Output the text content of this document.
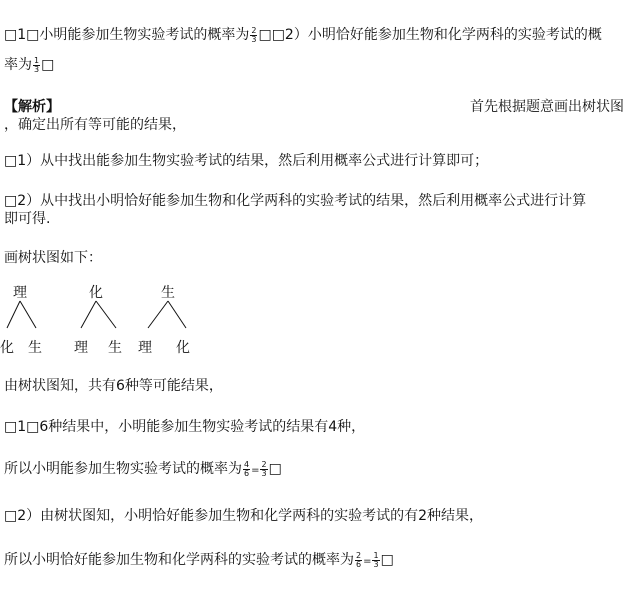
□1□小明能参加生物实验考试的概率为 $\frac{2}{3}$ □□2）小明恰好能参加生物和化学两科的实验考试的概
率为 $\frac{1}{3}$ □
【解析】	首先根据题意画出树状图
，确定出所有等可能的结果，
□1）从中找出能参加生物实验考试的结果，然后利用概率公式进行计算即可；
□2）从中找出小明恰好能参加生物和化学两科的实验考试的结果，然后利用概率公式进行计算
即可得.
画树状图如下：
理
化 生
化
理 生
生
理 化
由树状图知，共有6种等可能结果，
□1□6种结果中，小明能参加生物实验考试的结果有4种，
所以小明能参加生物实验考试的概率为 $\frac{4}{6} = \frac{2}{3}$ □
□2）由树状图知，小明恰好能参加生物和化学两科的实验考试的有2种结果，
所以小明恰好能参加生物和化学两科的实验考试的概率为 $\frac{2}{6} = \frac{1}{3}$ □
